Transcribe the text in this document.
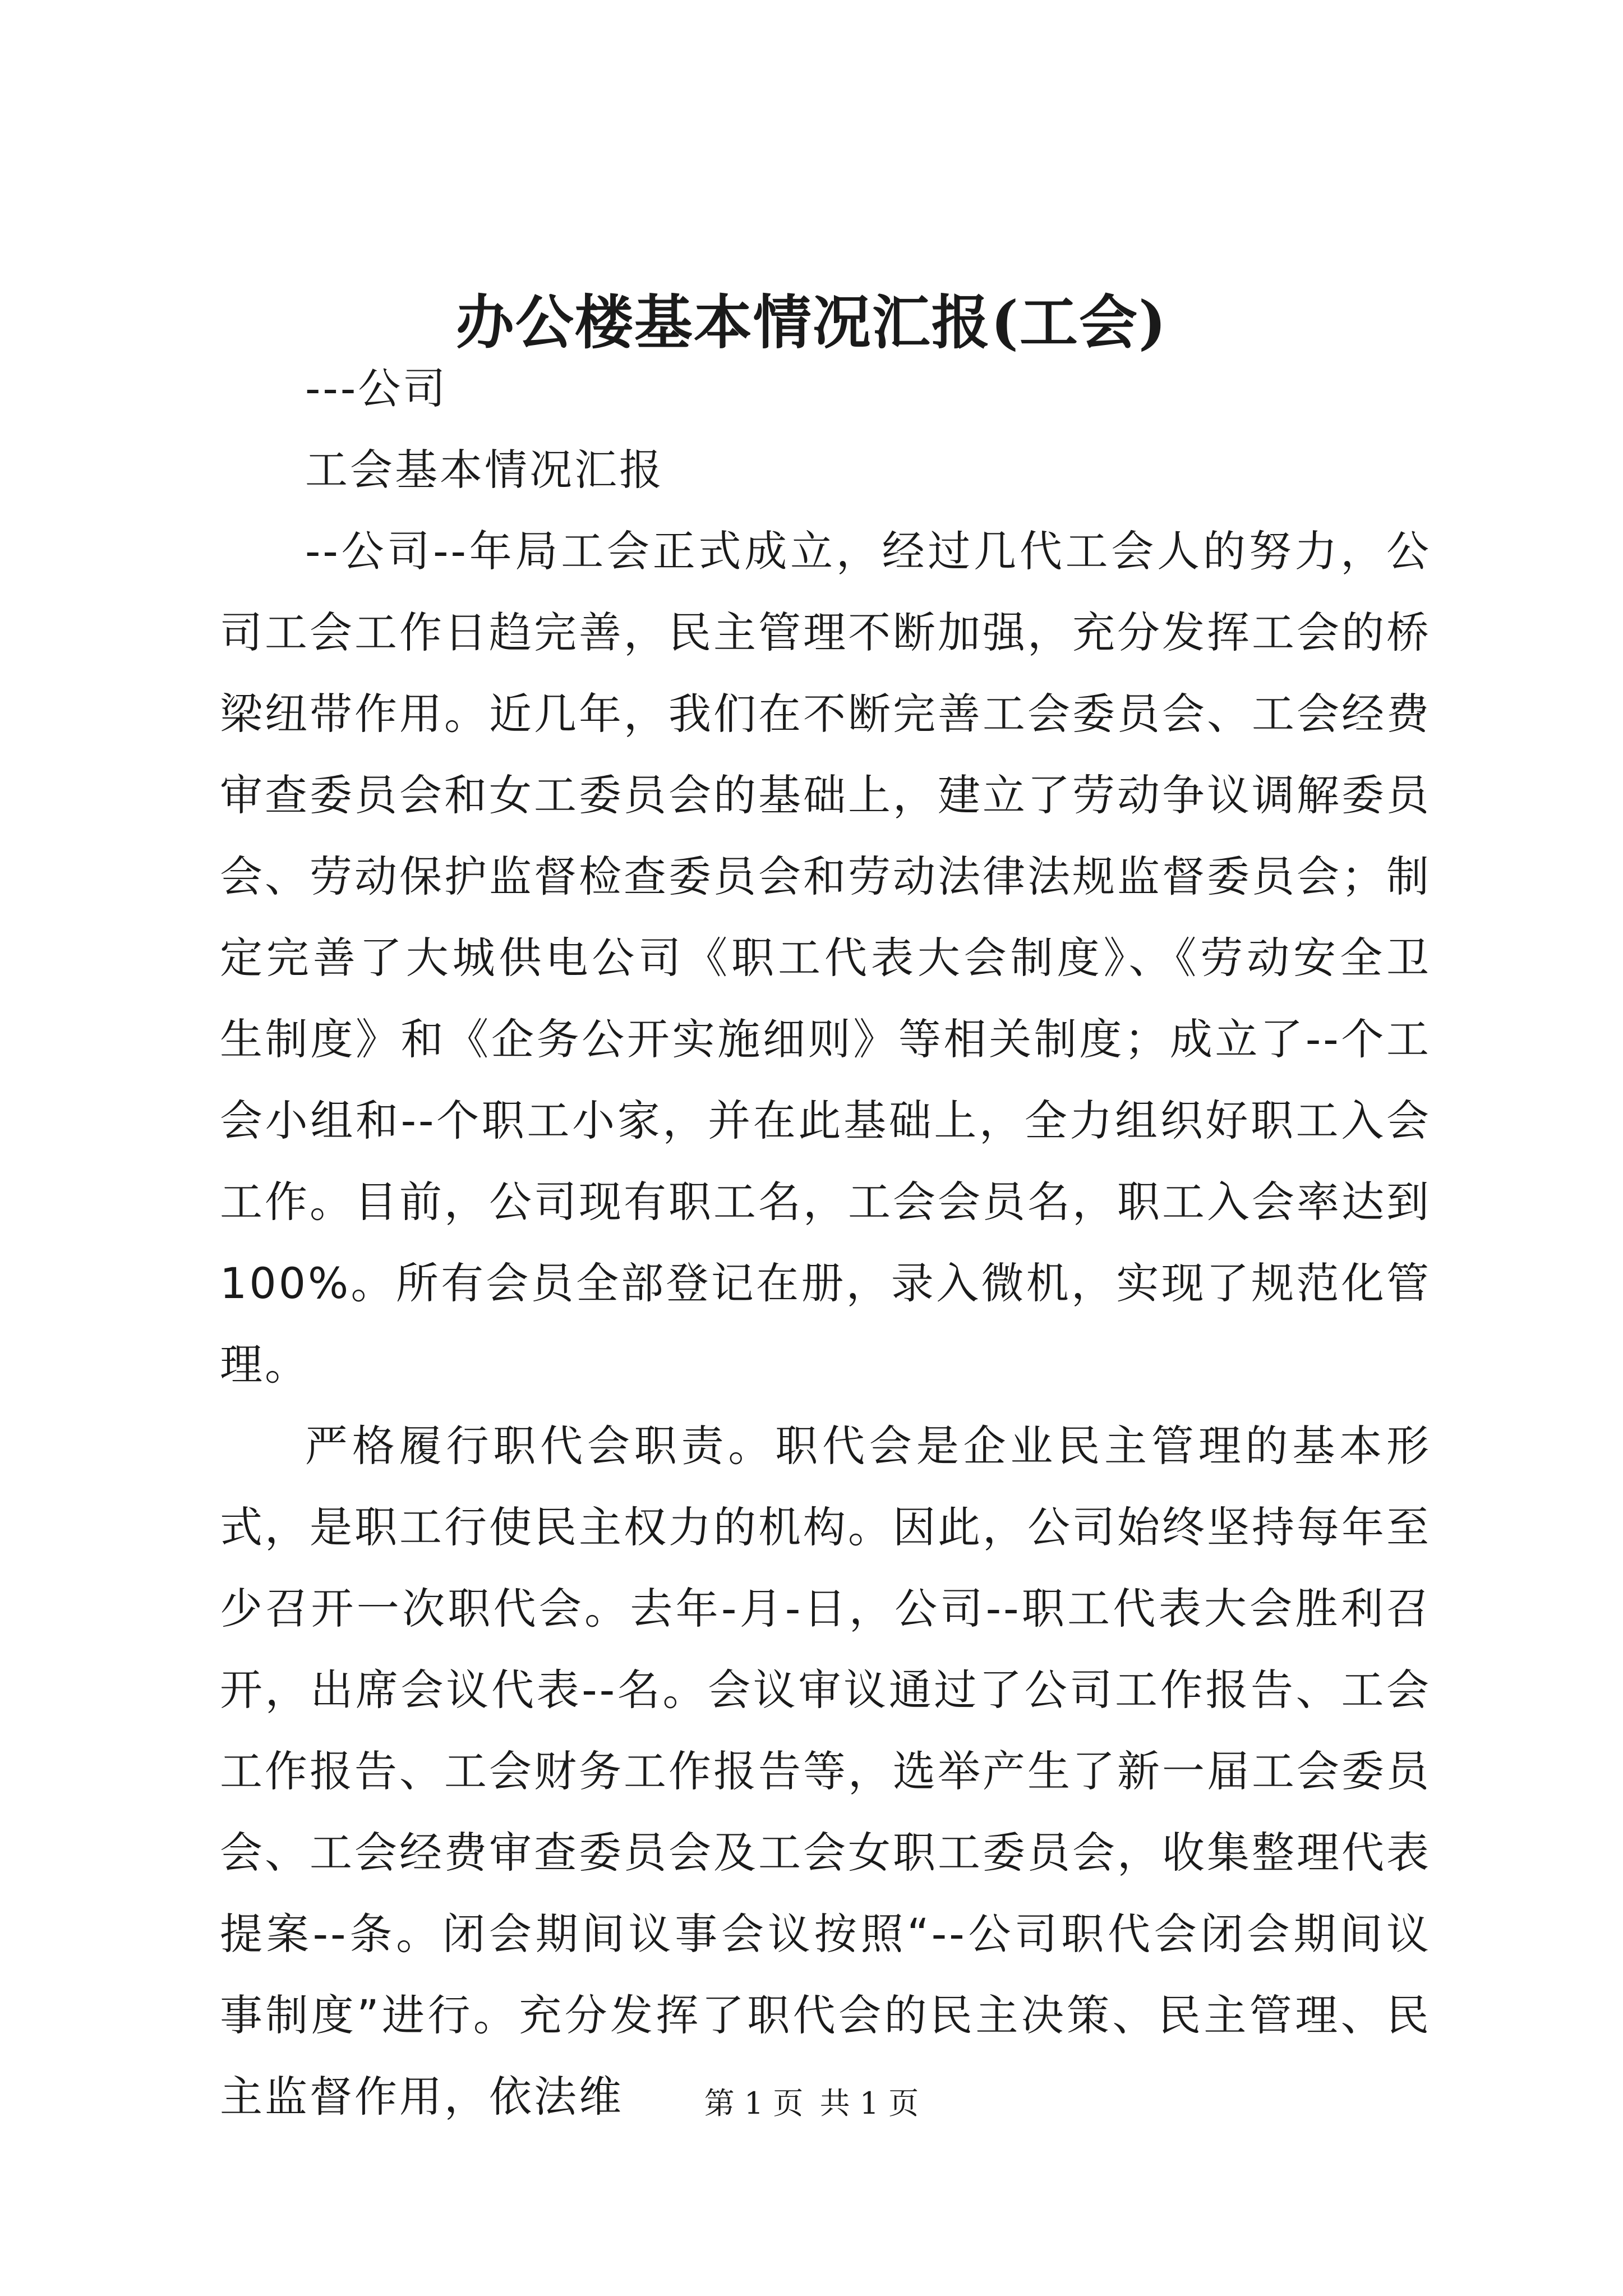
办公楼基本情况汇报(工会)
---公司
工会基本情况汇报

--公司--年局工会正式成立，经过几代工会人的努力，公司工会工作日趋完善，民主管理不断加强，充分发挥工会的桥梁纽带作用。近几年，我们在不断完善工会委员会、工会经费审查委员会和女工委员会的基础上，建立了劳动争议调解委员会、劳动保护监督检查委员会和劳动法律法规监督委员会；制定完善了大城供电公司《职工代表大会制度》、《劳动安全卫生制度》和《企务公开实施细则》等相关制度；成立了--个工会小组和--个职工小家，并在此基础上，全力组织好职工入会工作。目前，公司现有职工名，工会会员名，职工入会率达到100%。所有会员全部登记在册，录入微机，实现了规范化管理。

严格履行职代会职责。职代会是企业民主管理的基本形式，是职工行使民主权力的机构。因此，公司始终坚持每年至少召开一次职代会。去年-月-日，公司--职工代表大会胜利召开，出席会议代表--名。会议审议通过了公司工作报告、工会工作报告、工会财务工作报告等，选举产生了新一届工会委员会、工会经费审查委员会及工会女职工委员会，收集整理代表提案--条。闭会期间议事会议按照“--公司职代会闭会期间议事制度”进行。充分发挥了职代会的民主决策、民主管理、民主监督作用，依法维	第 1 页 共 1 页
